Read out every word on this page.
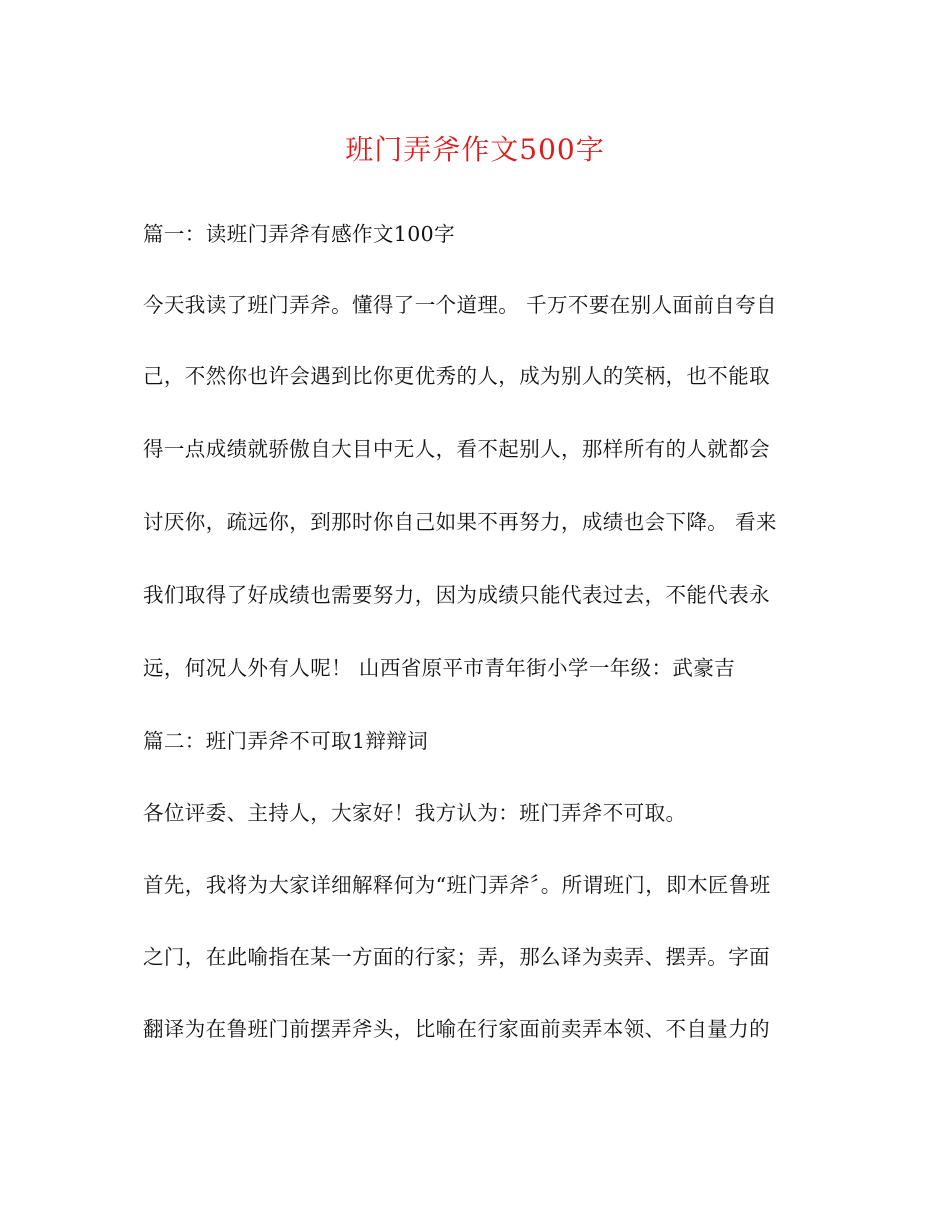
班门弄斧作文500字
篇一：读班门弄斧有感作文100字
今天我读了班门弄斧。懂得了一个道理。 千万不要在别人面前自夸自
己，不然你也许会遇到比你更优秀的人，成为别人的笑柄，也不能取
得一点成绩就骄傲自大目中无人，看不起别人，那样所有的人就都会
讨厌你，疏远你，到那时你自己如果不再努力，成绩也会下降。 看来
我们取得了好成绩也需要努力，因为成绩只能代表过去，不能代表永
远，何况人外有人呢！ 山西省原平市青年街小学一年级：武豪吉
篇二：班门弄斧不可取1辩辩词
各位评委、主持人，大家好！我方认为：班门弄斧不可取。
首先，我将为大家详细解释何为“班门弄斧〞。所谓班门，即木匠鲁班
之门，在此喻指在某一方面的行家；弄，那么译为卖弄、摆弄。字面
翻译为在鲁班门前摆弄斧头，比喻在行家面前卖弄本领、不自量力的
